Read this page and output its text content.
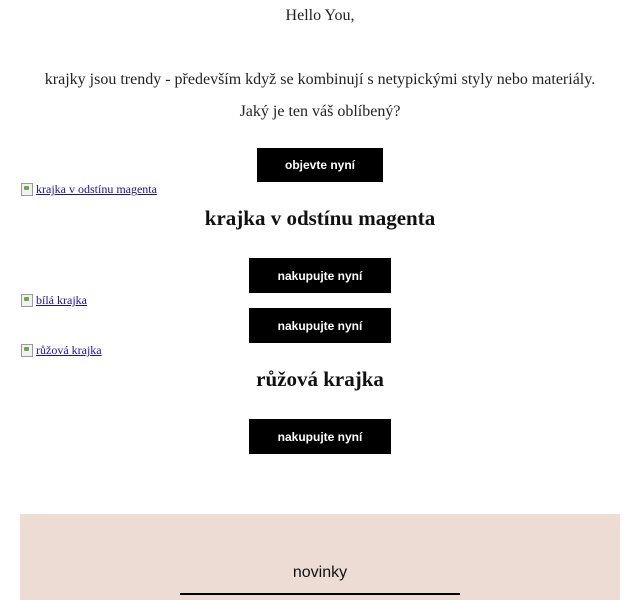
Hello You,
krajky jsou trendy - především když se kombinují s netypickými styly nebo materiály.
Jaký je ten váš oblíbený?
objevte nyní
krajka v odstínu magenta
krajka v odstínu magenta
nakupujte nyní
bílá krajka
nakupujte nyní
růžová krajka
růžová krajka
nakupujte nyní
novinky
